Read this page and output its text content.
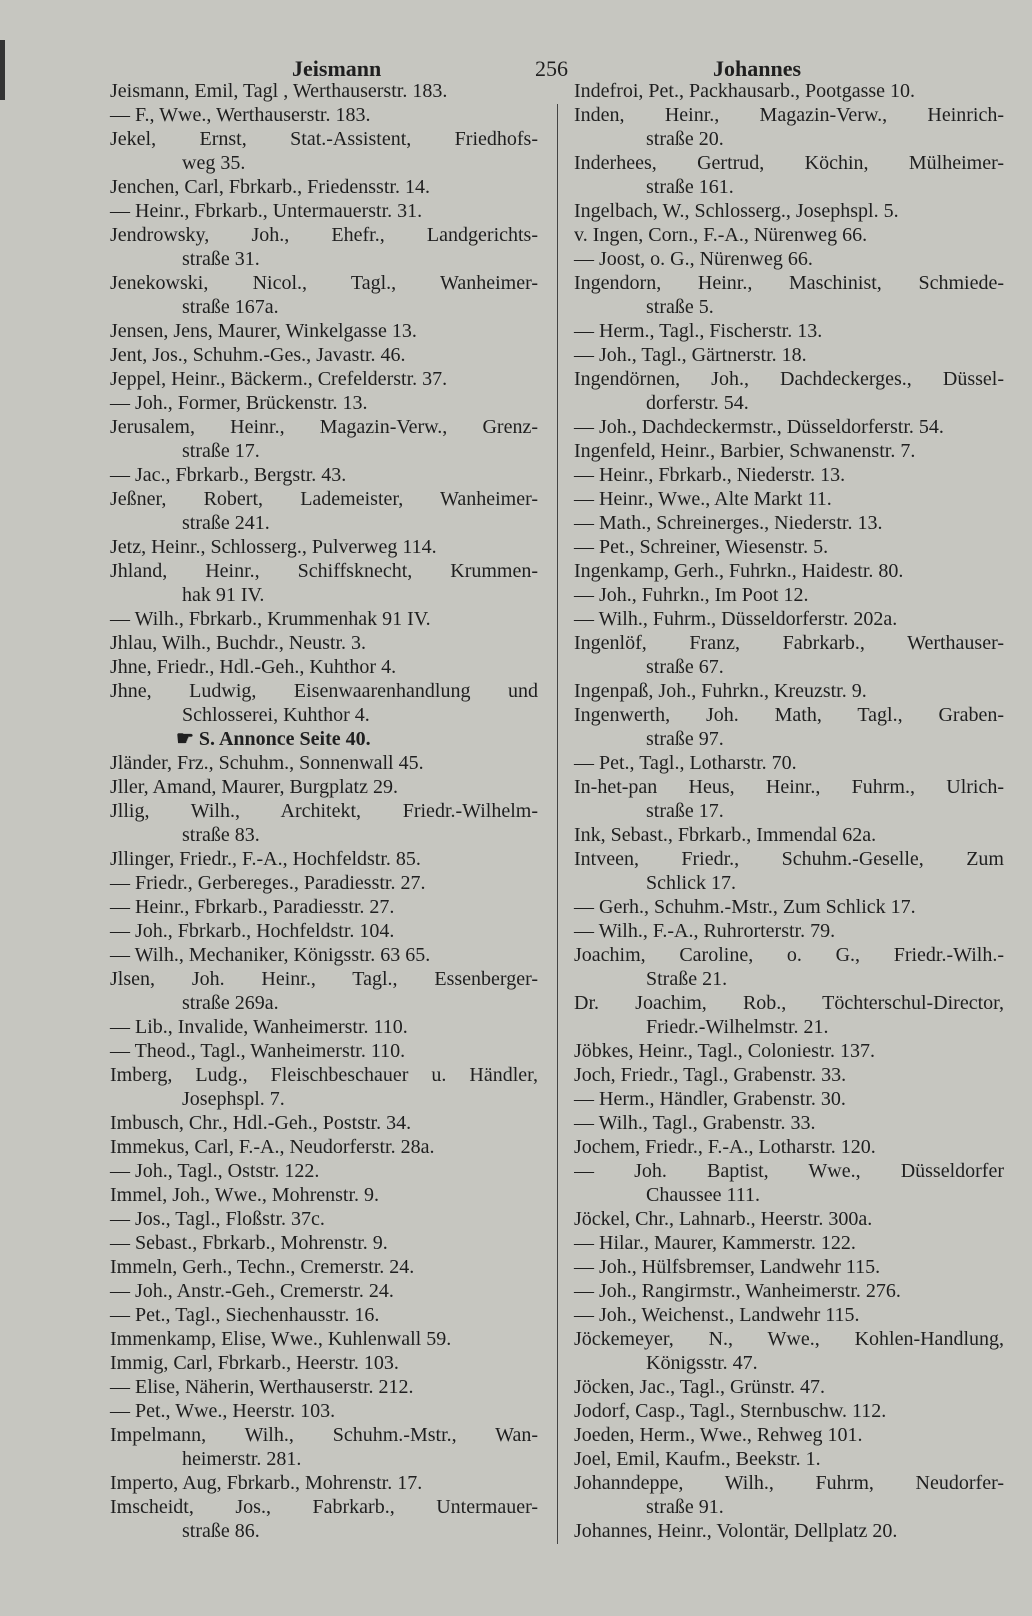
Jeismann	256	Johannes
Jeismann, Emil, Tagl , Werthauserstr. 183.
— F., Wwe., Werthauserstr. 183.
Jekel, Ernst, Stat.-Assistent, Friedhofs-
weg 35.
Jenchen, Carl, Fbrkarb., Friedensstr. 14.
— Heinr., Fbrkarb., Untermauerstr. 31.
Jendrowsky, Joh., Ehefr., Landgerichts-
straße 31.
Jenekowski, Nicol., Tagl., Wanheimer-
straße 167a.
Jensen, Jens, Maurer, Winkelgasse 13.
Jent, Jos., Schuhm.-Ges., Javastr. 46.
Jeppel, Heinr., Bäckerm., Crefelderstr. 37.
— Joh., Former, Brückenstr. 13.
Jerusalem, Heinr., Magazin-Verw., Grenz-
straße 17.
— Jac., Fbrkarb., Bergstr. 43.
Jeßner, Robert, Lademeister, Wanheimer-
straße 241.
Jetz, Heinr., Schlosserg., Pulverweg 114.
Jhland, Heinr., Schiffsknecht, Krummen-
hak 91 IV.
— Wilh., Fbrkarb., Krummenhak 91 IV.
Jhlau, Wilh., Buchdr., Neustr. 3.
Jhne, Friedr., Hdl.-Geh., Kuhthor 4.
Jhne, Ludwig, Eisenwaarenhandlung und
Schlosserei, Kuhthor 4.
☛ S. Annonce Seite 40.
Jländer, Frz., Schuhm., Sonnenwall 45.
Jller, Amand, Maurer, Burgplatz 29.
Jllig, Wilh., Architekt, Friedr.-Wilhelm-
straße 83.
Jllinger, Friedr., F.-A., Hochfeldstr. 85.
— Friedr., Gerbereges., Paradiesstr. 27.
— Heinr., Fbrkarb., Paradiesstr. 27.
— Joh., Fbrkarb., Hochfeldstr. 104.
— Wilh., Mechaniker, Königsstr. 63 65.
Jlsen, Joh. Heinr., Tagl., Essenberger-
straße 269a.
— Lib., Invalide, Wanheimerstr. 110.
— Theod., Tagl., Wanheimerstr. 110.
Imberg, Ludg., Fleischbeschauer u. Händler,
Josephspl. 7.
Imbusch, Chr., Hdl.-Geh., Poststr. 34.
Immekus, Carl, F.-A., Neudorferstr. 28a.
— Joh., Tagl., Oststr. 122.
Immel, Joh., Wwe., Mohrenstr. 9.
— Jos., Tagl., Floßstr. 37c.
— Sebast., Fbrkarb., Mohrenstr. 9.
Immeln, Gerh., Techn., Cremerstr. 24.
— Joh., Anstr.-Geh., Cremerstr. 24.
— Pet., Tagl., Siechenhausstr. 16.
Immenkamp, Elise, Wwe., Kuhlenwall 59.
Immig, Carl, Fbrkarb., Heerstr. 103.
— Elise, Näherin, Werthauserstr. 212.
— Pet., Wwe., Heerstr. 103.
Impelmann, Wilh., Schuhm.-Mstr., Wan-
heimerstr. 281.
Imperto, Aug, Fbrkarb., Mohrenstr. 17.
Imscheidt, Jos., Fabrkarb., Untermauer-
straße 86.
Indefroi, Pet., Packhausarb., Pootgasse 10.
Inden, Heinr., Magazin-Verw., Heinrich-
straße 20.
Inderhees, Gertrud, Köchin, Mülheimer-
straße 161.
Ingelbach, W., Schlosserg., Josephspl. 5.
v. Ingen, Corn., F.-A., Nürenweg 66.
— Joost, o. G., Nürenweg 66.
Ingendorn, Heinr., Maschinist, Schmiede-
straße 5.
— Herm., Tagl., Fischerstr. 13.
— Joh., Tagl., Gärtnerstr. 18.
Ingendörnen, Joh., Dachdeckerges., Düssel-
dorferstr. 54.
— Joh., Dachdeckermstr., Düsseldorferstr. 54.
Ingenfeld, Heinr., Barbier, Schwanenstr. 7.
— Heinr., Fbrkarb., Niederstr. 13.
— Heinr., Wwe., Alte Markt 11.
— Math., Schreinerges., Niederstr. 13.
— Pet., Schreiner, Wiesenstr. 5.
Ingenkamp, Gerh., Fuhrkn., Haidestr. 80.
— Joh., Fuhrkn., Im Poot 12.
— Wilh., Fuhrm., Düsseldorferstr. 202a.
Ingenlöf, Franz, Fabrkarb., Werthauser-
straße 67.
Ingenpaß, Joh., Fuhrkn., Kreuzstr. 9.
Ingenwerth, Joh. Math, Tagl., Graben-
straße 97.
— Pet., Tagl., Lotharstr. 70.
In-het-pan Heus, Heinr., Fuhrm., Ulrich-
straße 17.
Ink, Sebast., Fbrkarb., Immendal 62a.
Intveen, Friedr., Schuhm.-Geselle, Zum
Schlick 17.
— Gerh., Schuhm.-Mstr., Zum Schlick 17.
— Wilh., F.-A., Ruhrorterstr. 79.
Joachim, Caroline, o. G., Friedr.-Wilh.-
Straße 21.
Dr. Joachim, Rob., Töchterschul-Director,
Friedr.-Wilhelmstr. 21.
Jöbkes, Heinr., Tagl., Coloniestr. 137.
Joch, Friedr., Tagl., Grabenstr. 33.
— Herm., Händler, Grabenstr. 30.
— Wilh., Tagl., Grabenstr. 33.
Jochem, Friedr., F.-A., Lotharstr. 120.
— Joh. Baptist, Wwe., Düsseldorfer
Chaussee 111.
Jöckel, Chr., Lahnarb., Heerstr. 300a.
— Hilar., Maurer, Kammerstr. 122.
— Joh., Hülfsbremser, Landwehr 115.
— Joh., Rangirmstr., Wanheimerstr. 276.
— Joh., Weichenst., Landwehr 115.
Jöckemeyer, N., Wwe., Kohlen-Handlung,
Königsstr. 47.
Jöcken, Jac., Tagl., Grünstr. 47.
Jodorf, Casp., Tagl., Sternbuschw. 112.
Joeden, Herm., Wwe., Rehweg 101.
Joel, Emil, Kaufm., Beekstr. 1.
Johanndeppe, Wilh., Fuhrm, Neudorfer-
straße 91.
Johannes, Heinr., Volontär, Dellplatz 20.
